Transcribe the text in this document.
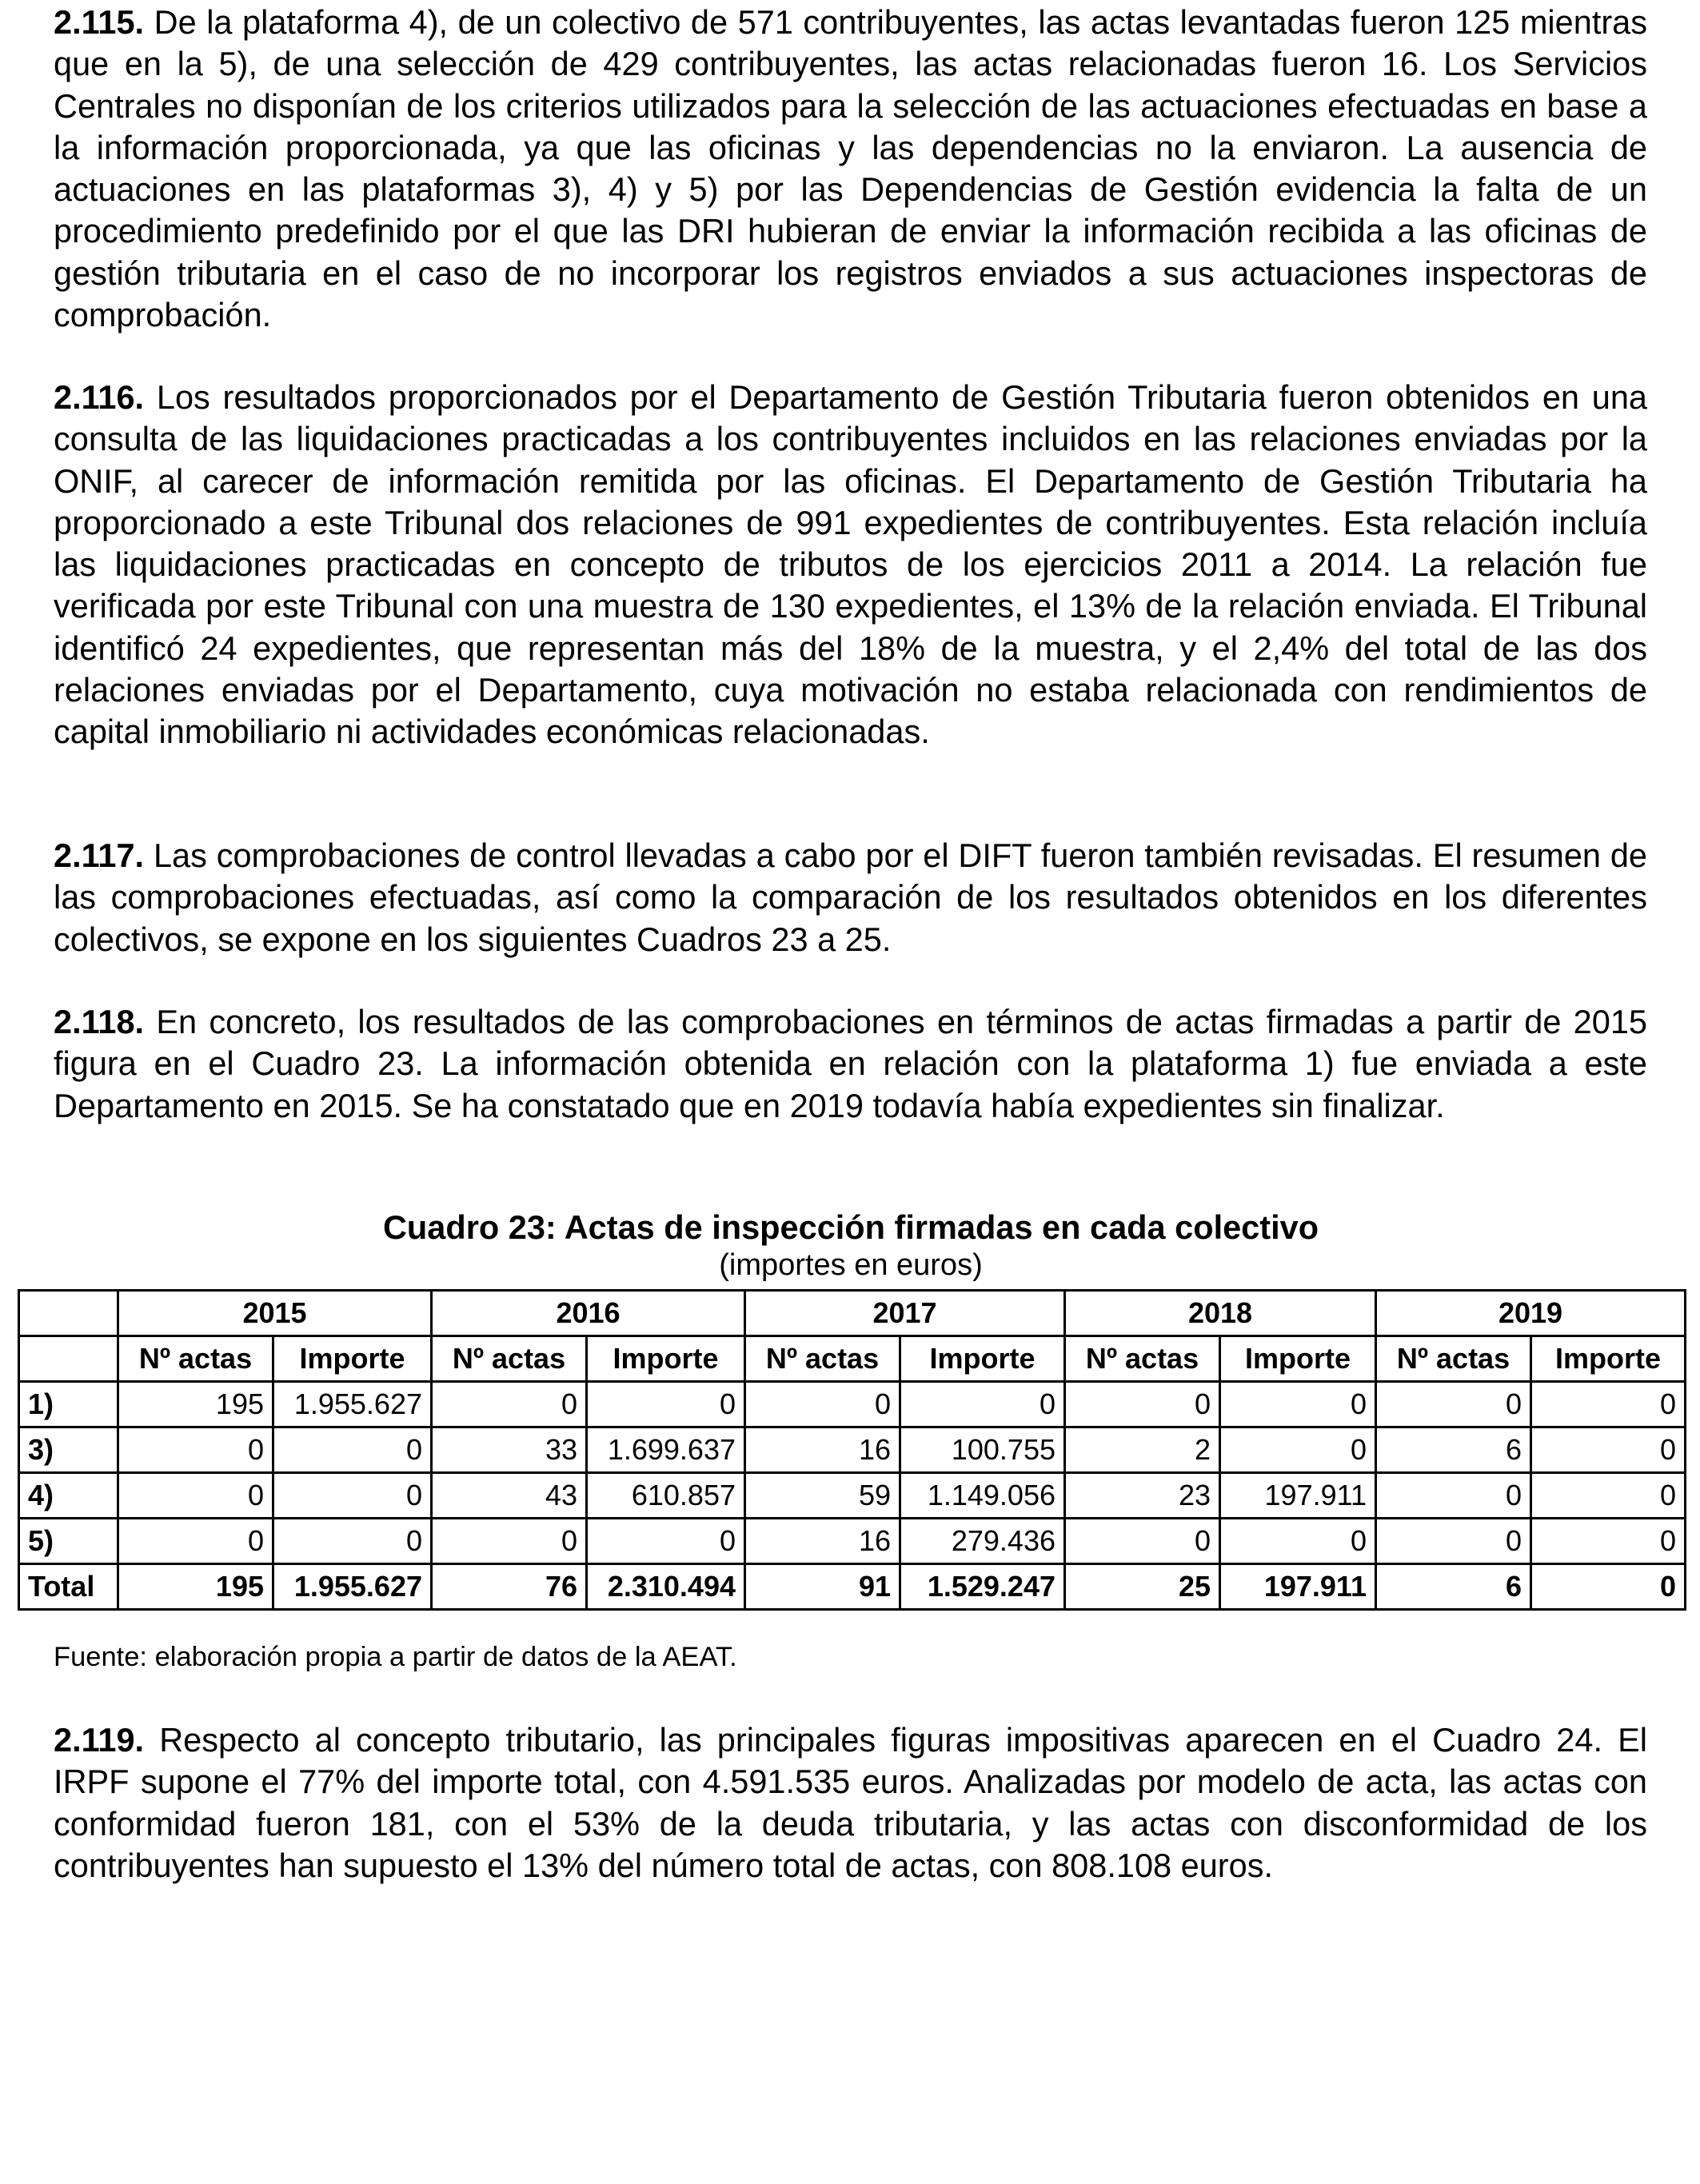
2.115. De la plataforma 4), de un colectivo de 571 contribuyentes, las actas levantadas fueron 125 mientras que en la 5), de una selección de 429 contribuyentes, las actas relacionadas fueron 16. Los Servicios Centrales no disponían de los criterios utilizados para la selección de las actuaciones efectuadas en base a la información proporcionada, ya que las oficinas y las dependencias no la enviaron. La ausencia de actuaciones en las plataformas 3), 4) y 5) por las Dependencias de Gestión evidencia la falta de un procedimiento predefinido por el que las DRI hubieran de enviar la información recibida a las oficinas de gestión tributaria en el caso de no incorporar los registros enviados a sus actuaciones inspectoras de comprobación.

2.116. Los resultados proporcionados por el Departamento de Gestión Tributaria fueron obtenidos en una consulta de las liquidaciones practicadas a los contribuyentes incluidos en las relaciones enviadas por la ONIF, al carecer de información remitida por las oficinas. El Departamento de Gestión Tributaria ha proporcionado a este Tribunal dos relaciones de 991 expedientes de contribuyentes. Esta relación incluía las liquidaciones practicadas en concepto de tributos de los ejercicios 2011 a 2014. La relación fue verificada por este Tribunal con una muestra de 130 expedientes, el 13% de la relación enviada. El Tribunal identificó 24 expedientes, que representan más del 18% de la muestra, y el 2,4% del total de las dos relaciones enviadas por el Departamento, cuya motivación no estaba relacionada con rendimientos de capital inmobiliario ni actividades económicas relacionadas.

2.117. Las comprobaciones de control llevadas a cabo por el DIFT fueron también revisadas. El resumen de las comprobaciones efectuadas, así como la comparación de los resultados obtenidos en los diferentes colectivos, se expone en los siguientes Cuadros 23 a 25.

2.118. En concreto, los resultados de las comprobaciones en términos de actas firmadas a partir de 2015 figura en el Cuadro 23. La información obtenida en relación con la plataforma 1) fue enviada a este Departamento en 2015. Se ha constatado que en 2019 todavía había expedientes sin finalizar.

Cuadro 23: Actas de inspección firmadas en cada colectivo

(importes en euros)

	2015		2016		2017		2018		2019	
	Nº actas	Importe	Nº actas	Importe	Nº actas	Importe	Nº actas	Importe	Nº actas	Importe
1)	195	1.955.627	0	0	0	0	0	0	0	0
3)	0	0	33	1.699.637	16	100.755	2	0	6	0
4)	0	0	43	610.857	59	1.149.056	23	197.911	0	0
5)	0	0	0	0	16	279.436	0	0	0	0
Total	195	1.955.627	76	2.310.494	91	1.529.247	25	197.911	6	0

Fuente: elaboración propia a partir de datos de la AEAT.

2.119. Respecto al concepto tributario, las principales figuras impositivas aparecen en el Cuadro 24. El IRPF supone el 77% del importe total, con 4.591.535 euros. Analizadas por modelo de acta, las actas con conformidad fueron 181, con el 53% de la deuda tributaria, y las actas con disconformidad de los contribuyentes han supuesto el 13% del número total de actas, con 808.108 euros.
